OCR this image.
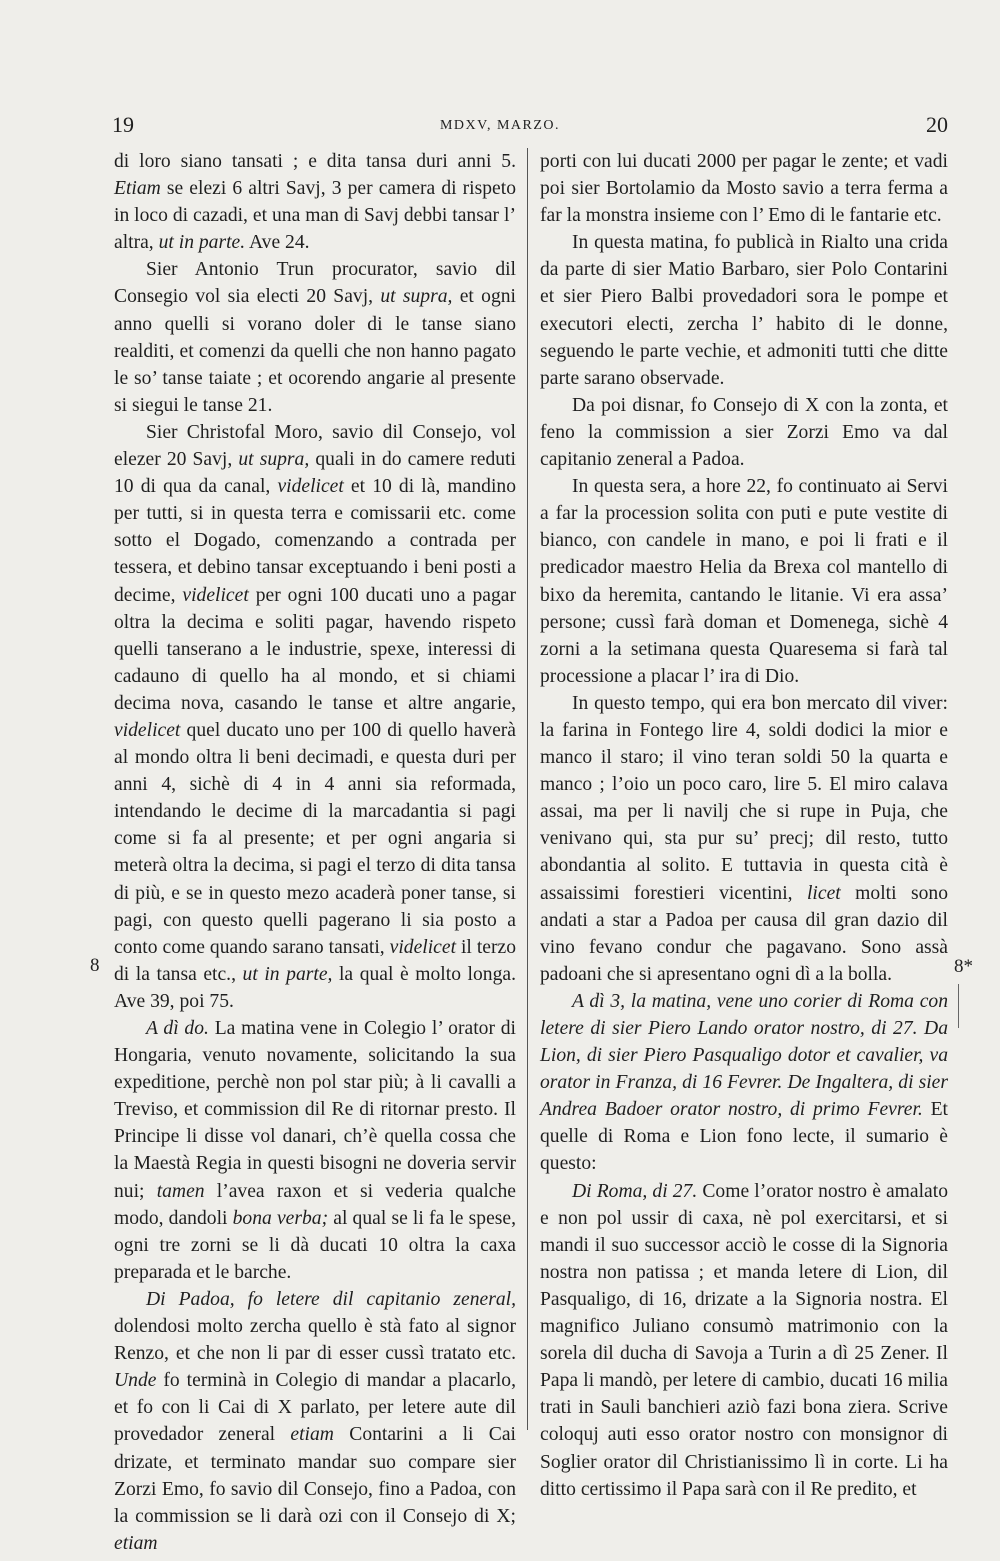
19	MDXV, MARZO.	20

di loro siano tansati ; e dita tansa duri anni 5. Etiam se elezi 6 altri Savj, 3 per camera di rispeto in loco di cazadi, et una man di Savj debbi tansar l’ altra, ut in parte. Ave 24.

Sier Antonio Trun procurator, savio dil Consegio vol sia electi 20 Savj, ut supra, et ogni anno quelli si vorano doler di le tanse siano realditi, et comenzi da quelli che non hanno pagato le so’ tanse taiate ; et ocorendo angarie al presente si siegui le tanse 21.

Sier Christofal Moro, savio dil Consejo, vol elezer 20 Savj, ut supra, quali in do camere reduti 10 di qua da canal, videlicet et 10 di là, mandino per tutti, si in questa terra e comissarii etc. come sotto el Dogado, comenzando a contrada per tessera, et debino tansar exceptuando i beni posti a decime, videlicet per ogni 100 ducati uno a pagar oltra la decima e soliti pagar, havendo rispeto quelli tanserano a le industrie, spexe, interessi di cadauno di quello ha al mondo, et si chiami decima nova, casando le tanse et altre angarie, videlicet quel ducato uno per 100 di quello haverà al mondo oltra li beni decimadi, e questa duri per anni 4, sichè di 4 in 4 anni sia reformada, intendando le decime di la marcadantia si pagi come si fa al presente; et per ogni angaria si meterà oltra la decima, si pagi el terzo di dita tansa di più, e se in questo mezo acaderà poner tanse, si pagi, con questo quelli pagerano li sia posto a conto come quando sarano tansati, videlicet il terzo di la tansa etc., ut in parte, la qual è molto longa. Ave 39, poi 75.

A dì do. La matina vene in Colegio l’ orator di Hongaria, venuto novamente, solicitando la sua expeditione, perchè non pol star più; à li cavalli a Treviso, et commission dil Re di ritornar presto. Il Principe li disse vol danari, ch’è quella cossa che la Maestà Regia in questi bisogni ne doveria servir nui; tamen l’avea raxon et si vederia qualche modo, dandoli bona verba; al qual se li fa le spese, ogni tre zorni se li dà ducati 10 oltra la caxa preparada et le barche.

Di Padoa, fo letere dil capitanio zeneral, dolendosi molto zercha quello è stà fato al signor Renzo, et che non li par di esser cussì tratato etc. Unde fo terminà in Colegio di mandar a placarlo, et fo con li Cai di X parlato, per letere aute dil provedador zeneral etiam Contarini a li Cai drizate, et terminato mandar suo compare sier Zorzi Emo, fo savio dil Consejo, fino a Padoa, con la commission se li darà ozi con il Consejo di X; etiam

porti con lui ducati 2000 per pagar le zente; et vadi poi sier Bortolamio da Mosto savio a terra ferma a far la monstra insieme con l’ Emo di le fantarie etc.

In questa matina, fo publicà in Rialto una crida da parte di sier Matio Barbaro, sier Polo Contarini et sier Piero Balbi provedadori sora le pompe et executori electi, zercha l’ habito di le donne, seguendo le parte vechie, et admoniti tutti che ditte parte sarano observade.

Da poi disnar, fo Consejo di X con la zonta, et feno la commission a sier Zorzi Emo va dal capitanio zeneral a Padoa.

In questa sera, a hore 22, fo continuato ai Servi a far la procession solita con puti e pute vestite di bianco, con candele in mano, e poi li frati e il predicador maestro Helia da Brexa col mantello di bixo da heremita, cantando le litanie. Vi era assa’ persone; cussì farà doman et Domenega, sichè 4 zorni a la setimana questa Quaresema si farà tal processione a placar l’ ira di Dio.

In questo tempo, qui era bon mercato dil viver: la farina in Fontego lire 4, soldi dodici la mior e manco il staro; il vino teran soldi 50 la quarta e manco ; l’oio un poco caro, lire 5. El miro calava assai, ma per li navilj che si rupe in Puja, che venivano qui, sta pur su’ precj; dil resto, tutto abondantia al solito. E tuttavia in questa cità è assaissimi forestieri vicentini, licet molti sono andati a star a Padoa per causa dil gran dazio dil vino fevano condur che pagavano. Sono assà padoani che si apresentano ogni dì a la bolla.

A dì 3, la matina, vene uno corier di Roma con letere di sier Piero Lando orator nostro, di 27. Da Lion, di sier Piero Pasqualigo dotor et cavalier, va orator in Franza, di 16 Fevrer. De Ingaltera, di sier Andrea Badoer orator nostro, di primo Fevrer. Et quelle di Roma e Lion fono lecte, il sumario è questo:

Di Roma, di 27. Come l’orator nostro è amalato e non pol ussir di caxa, nè pol exercitarsi, et si mandi il suo successor acciò le cosse di la Signoria nostra non patissa ; et manda letere di Lion, dil Pasqualigo, di 16, drizate a la Signoria nostra. El magnifico Juliano consumò matrimonio con la sorela dil ducha di Savoja a Turin a dì 25 Zener. Il Papa li mandò, per letere di cambio, ducati 16 milia trati in Sauli banchieri aziò fazi bona ziera. Scrive coloquj auti esso orator nostro con monsignor di Soglier orator dil Christianissimo lì in corte. Li ha ditto certissimo il Papa sarà con il Re predito, et

8	8*
